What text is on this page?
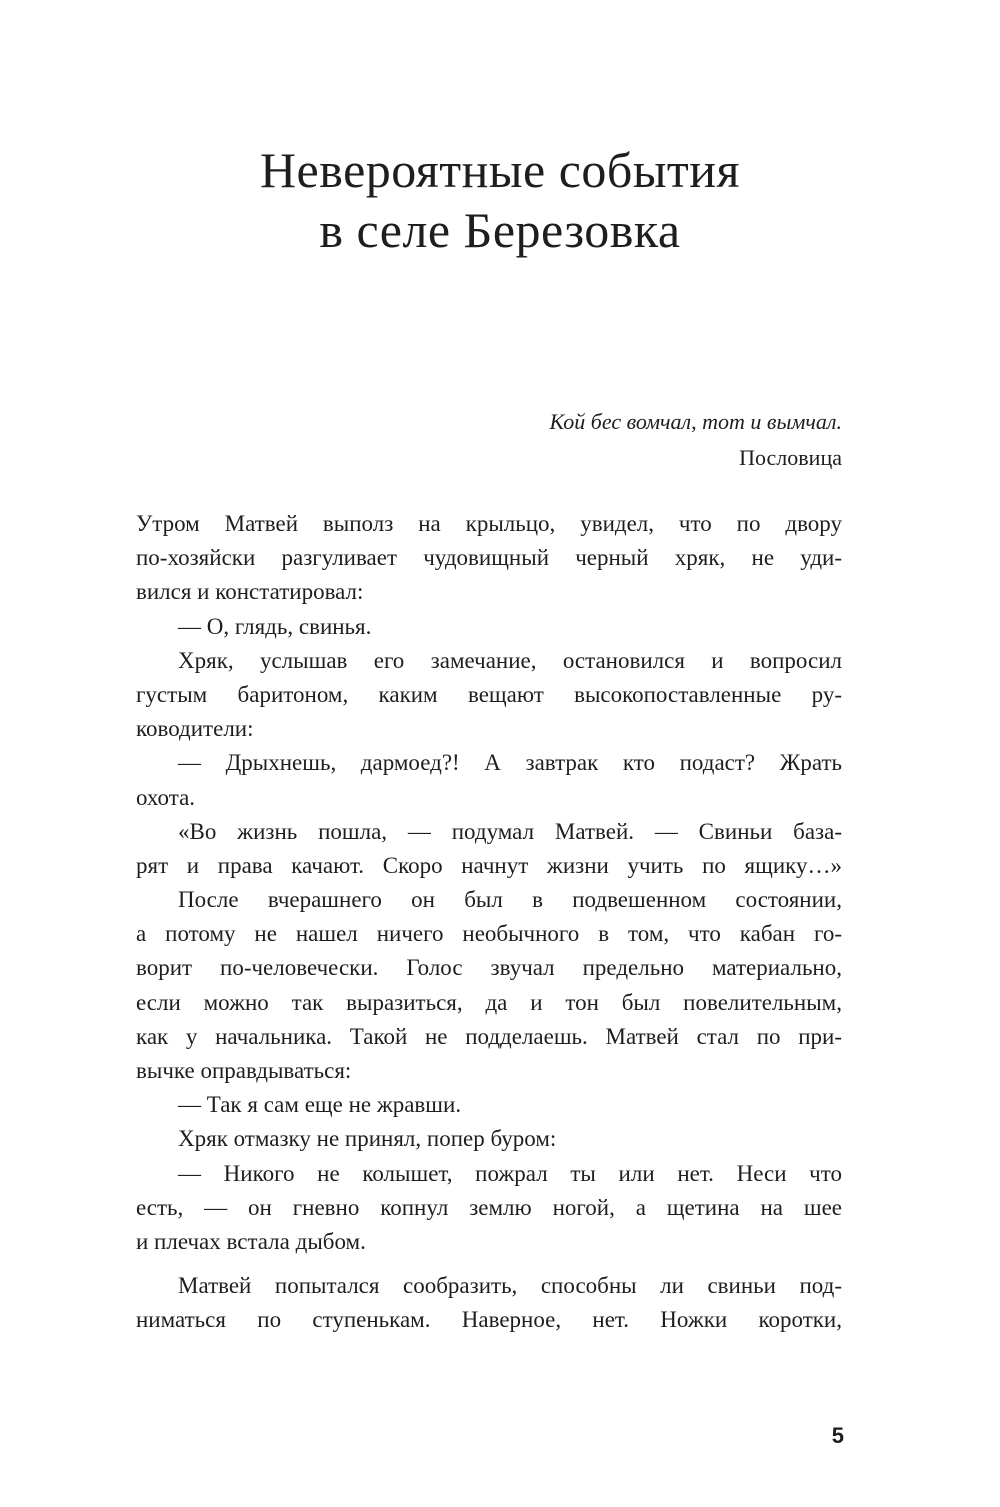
Невероятные события
в селе Березовка
Кой бес вомчал, тот и вымчал.
Пословица
Утром Матвей выполз на крыльцо, увидел, что по двору
по-хозяйски разгуливает чудовищный черный хряк, не уди-
вился и констатировал:
— О, глядь, свинья.
Хряк, услышав его замечание, остановился и вопросил
густым баритоном, каким вещают высокопоставленные ру-
ководители:
— Дрыхнешь, дармоед?! А завтрак кто подаст? Жрать
охота.
«Во жизнь пошла, — подумал Матвей. — Свиньи база-
рят и права качают. Скоро начнут жизни учить по ящику…»
После вчерашнего он был в подвешенном состоянии,
а потому не нашел ничего необычного в том, что кабан го-
ворит по-человечески. Голос звучал предельно материально,
если можно так выразиться, да и тон был повелительным,
как у начальника. Такой не подделаешь. Матвей стал по при-
вычке оправдываться:
— Так я сам еще не жравши.
Хряк отмазку не принял, попер буром:
— Никого не колышет, пожрал ты или нет. Неси что
есть, — он гневно копнул землю ногой, а щетина на шее
и плечах встала дыбом.
Матвей попытался сообразить, способны ли свиньи под-
ниматься по ступенькам. Наверное, нет. Ножки коротки,
5
